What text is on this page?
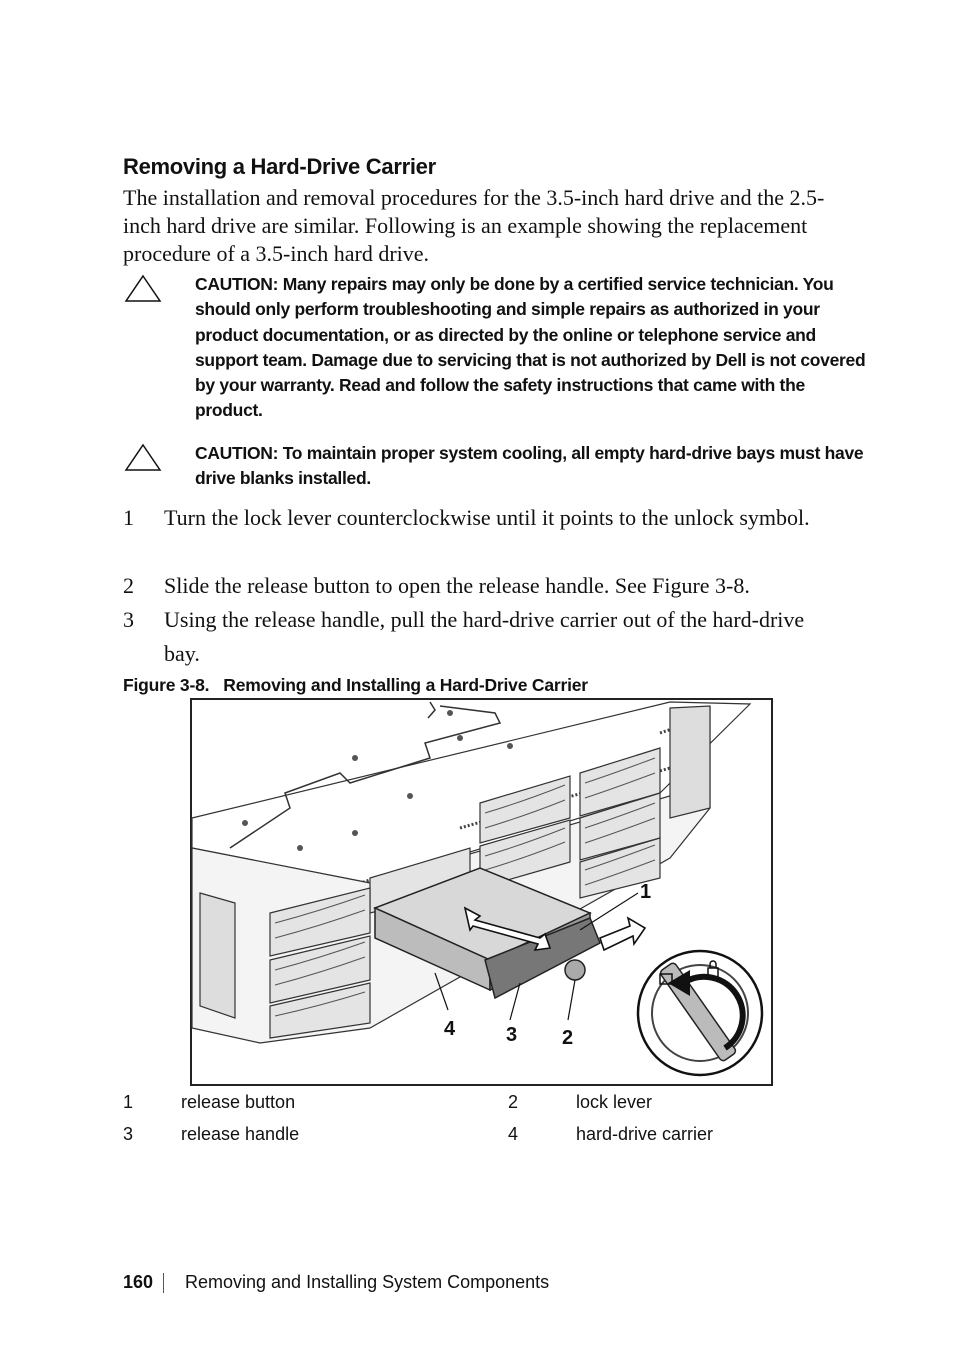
Removing a Hard-Drive Carrier
The installation and removal procedures for the 3.5-inch hard drive and the 2.5-inch hard drive are similar. Following is an example showing the replacement procedure of a 3.5-inch hard drive.
CAUTION: Many repairs may only be done by a certified service technician. You should only perform troubleshooting and simple repairs as authorized in your product documentation, or as directed by the online or telephone service and support team. Damage due to servicing that is not authorized by Dell is not covered by your warranty. Read and follow the safety instructions that came with the product.
CAUTION: To maintain proper system cooling, all empty hard-drive bays must have drive blanks installed.
1 Turn the lock lever counterclockwise until it points to the unlock symbol.
2 Slide the release button to open the release handle. See Figure 3-8.
3 Using the release handle, pull the hard-drive carrier out of the hard-drive bay.
Figure 3-8.   Removing and Installing a Hard-Drive Carrier
1
2
3
4
1	release button	2	lock lever
3	release handle	4	hard-drive carrier
160 Removing and Installing System Components
